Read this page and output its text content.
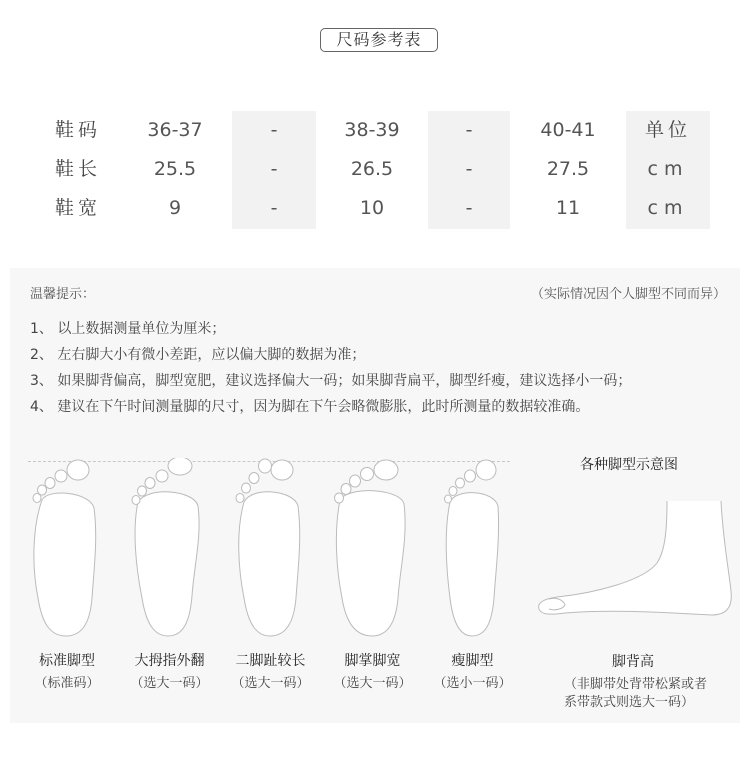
尺码参考表
鞋码
鞋长
鞋宽
36-37
25.5
9
-
-
-
38-39
26.5
10
-
-
-
40-41
27.5
11
单位
cm
cm
温馨提示：	（实际情况因个人脚型不同而异）
1、 以上数据测量单位为厘米；
2、 左右脚大小有微小差距，应以偏大脚的数据为准；
3、 如果脚背偏高，脚型宽肥，建议选择偏大一码；如果脚背扁平，脚型纤瘦，建议选择小一码；
4、 建议在下午时间测量脚的尺寸，因为脚在下午会略微膨胀，此时所测量的数据较准确。
标准脚型
（标准码）
大拇指外翻
（选大一码）
二脚趾较长
（选大一码）
脚掌脚宽
（选大一码）
瘦脚型
（选小一码）
各种脚型示意图
脚背高
（非脚带处背带松紧或者
系带款式则选大一码）
